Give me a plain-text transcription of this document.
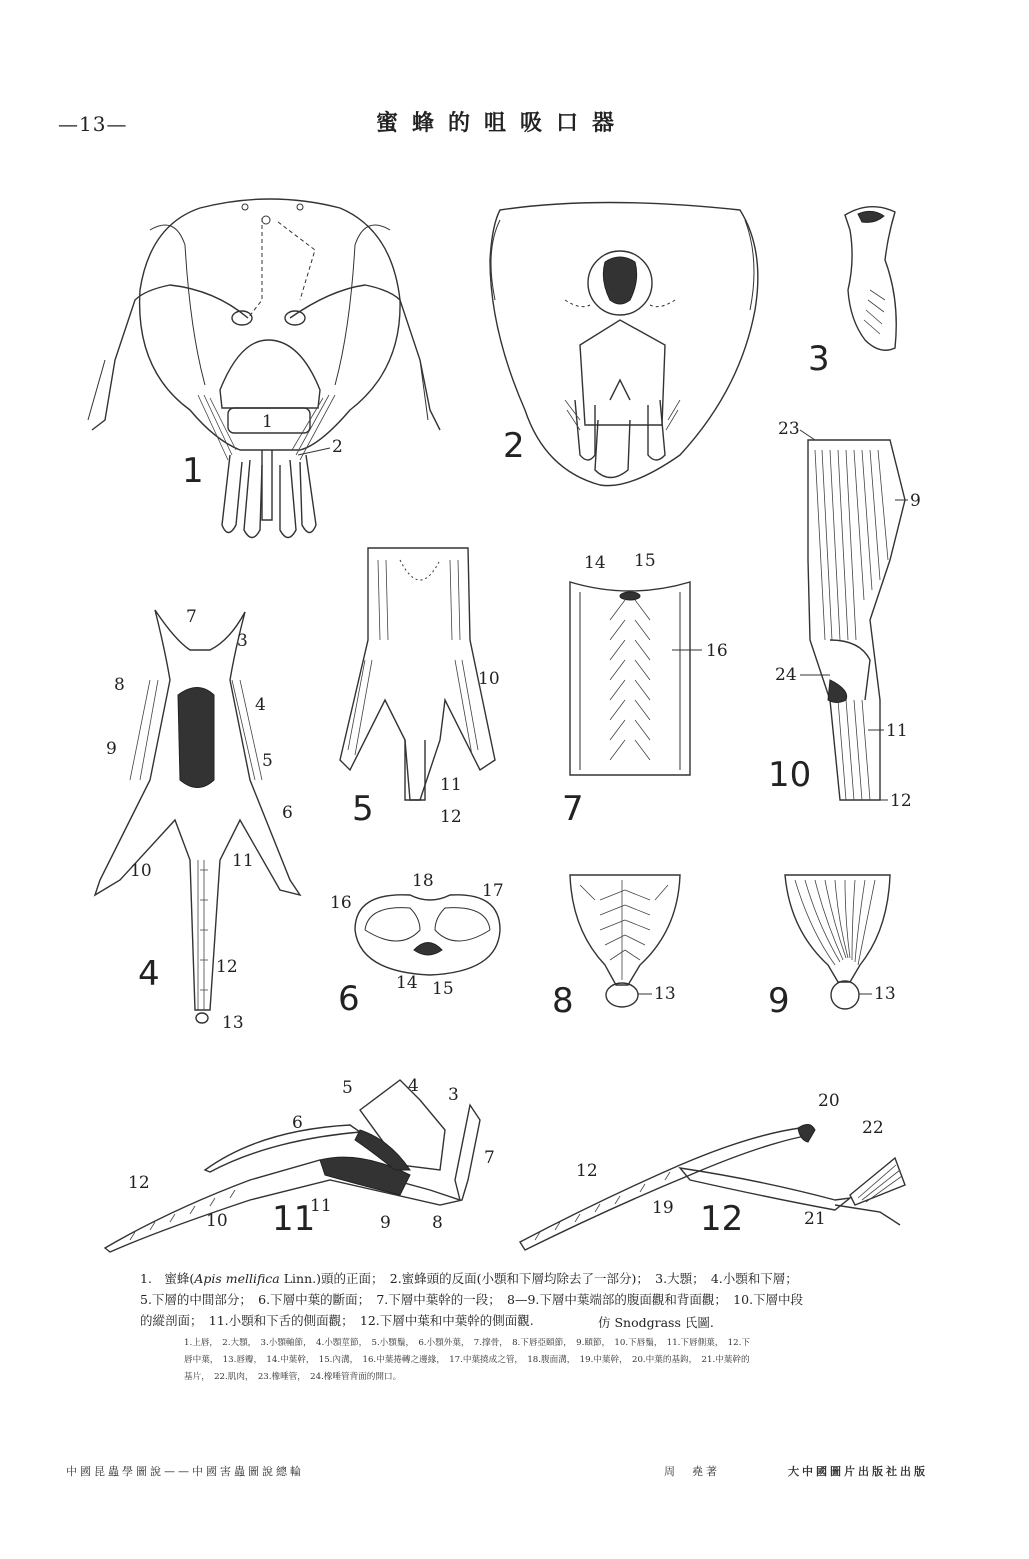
—13—	蜜蜂的咀吸口器
1
2
1
2
3
23
9
24
11
12
10
7
3
8
4
9
5
6
10	11
12
13
4
10
11
12
5
14 15
16
7
18
16
17
14 15
6	13
8	13
9
6
5	4 3
7
12
10
11
9 8
11
20
22
12
19
21
12
1.　蜜蜂(Apis mellifica Linn.)頭的正面；　2.蜜蜂頭的反面(小顋和下層均除去了一部分)；　3.大顋；　4.小顋和下層；
5.下層的中間部分；　6.下層中葉的斷面；　7.下層中葉幹的一段；　8—9.下層中葉端部的腹面觀和背面觀；　10.下層中段
的縱剖面；　11.小顋和下舌的側面觀；　12.下層中葉和中葉幹的側面觀.	仿 Snodgrass 氏圖.
1.上唇，　2.大顋，　3.小顋軸節，　4.小顋莖節，　5.小顋鬚，　6.小顋外葉，　7.撑骨，　8.下唇亞頤節，　9.頤節，　10.下唇鬚，　11.下唇側葉，　12.下
唇中葉，　13.唇瓣，　14.中葉幹，　15.內溝，　16.中葉捲轉之邊緣，　17.中葉撓成之管，　18.腹面溝，　19.中葉幹，　20.中葉的基鈎，　21.中葉幹的
基片，　22.肌肉，　23.橡唾管，　24.橡唾管背面的開口。
中國昆蟲學圖說——中國害蟲圖說總輪	周　堯著	大中國圖片出版社出版
